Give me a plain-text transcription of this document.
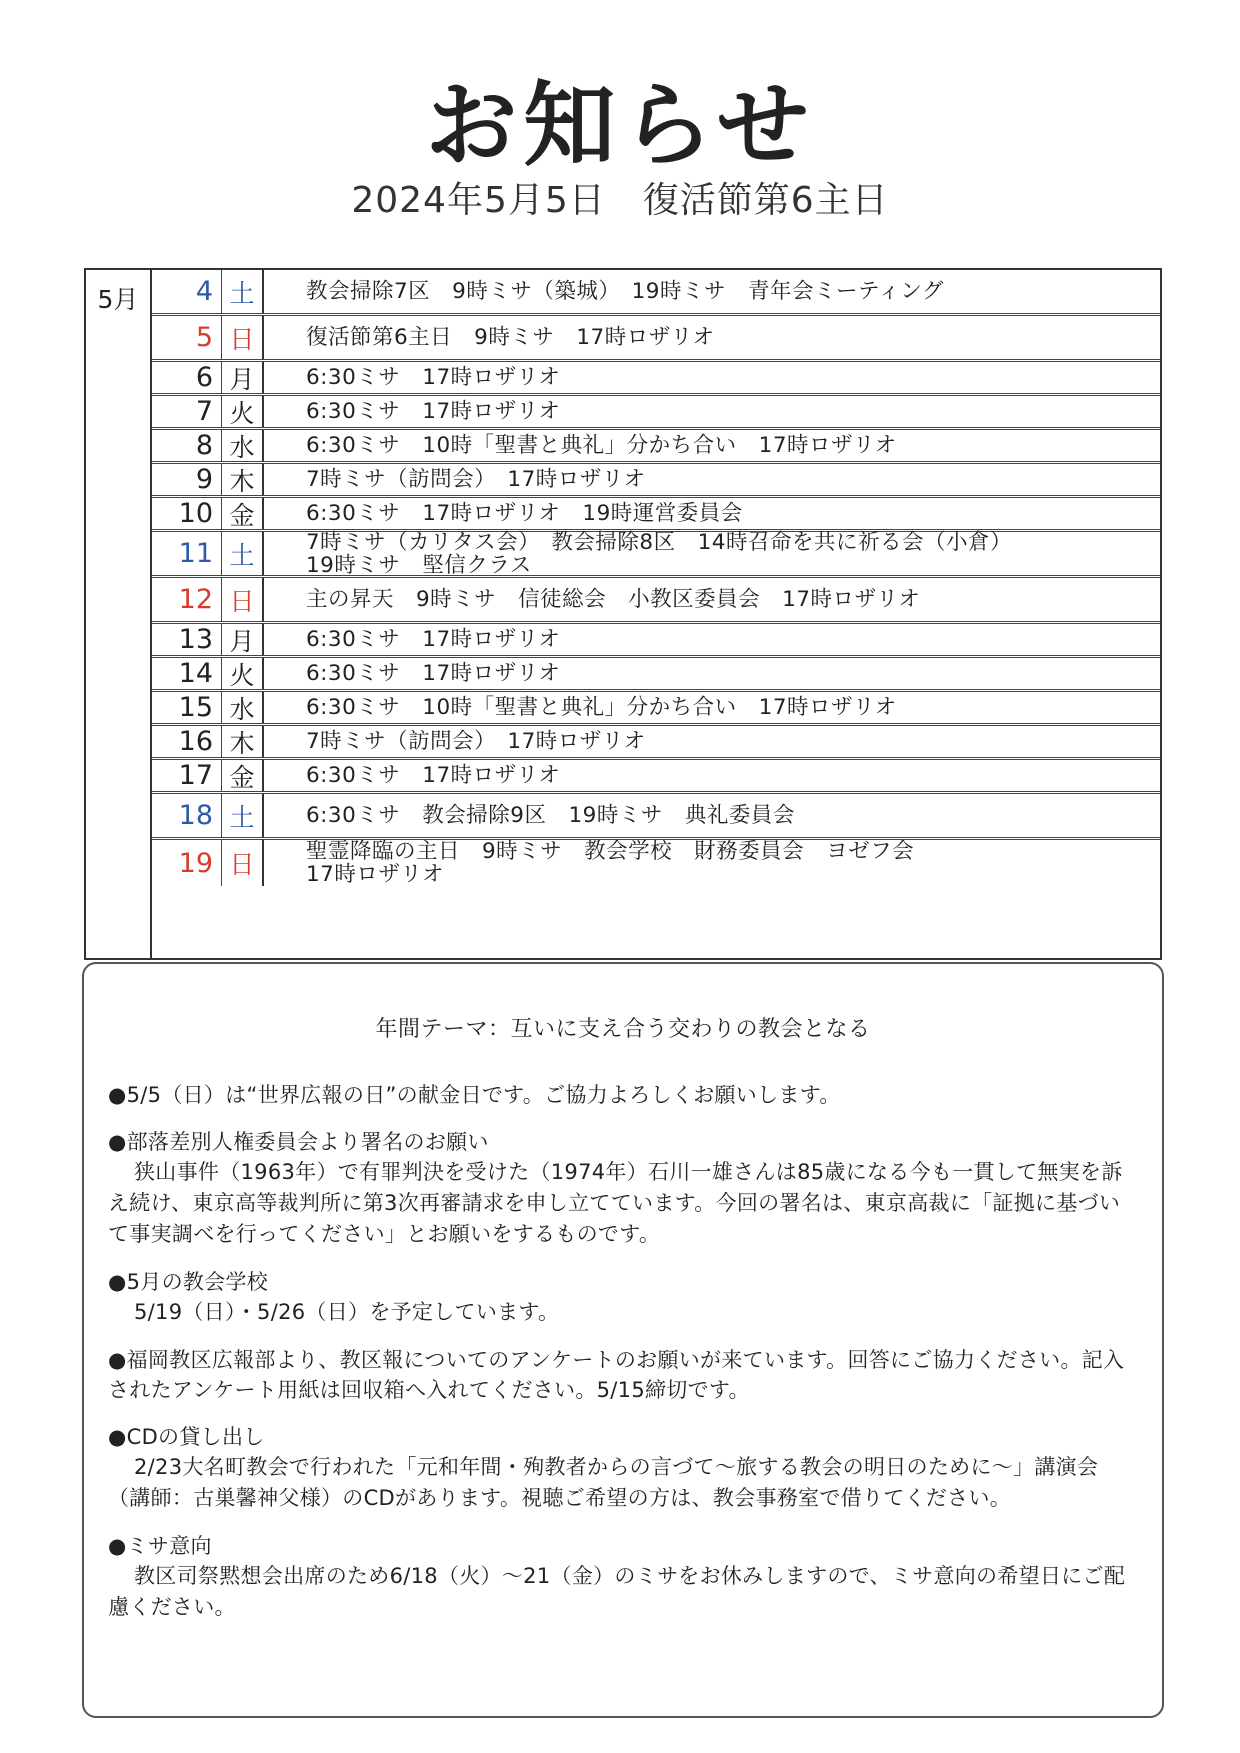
お知らせ
2024年5月5日　復活節第6主日
5月	4 土	教会掃除7区　9時ミサ（築城）　19時ミサ　青年会ミーティング
5 日	復活節第6主日　9時ミサ　17時ロザリオ
6 月	6:30ミサ　17時ロザリオ
7 火	6:30ミサ　17時ロザリオ
8 水	6:30ミサ　10時「聖書と典礼」分かち合い　17時ロザリオ
9 木	7時ミサ（訪問会）　17時ロザリオ
10 金	6:30ミサ　17時ロザリオ　19時運営委員会
11 土	7時ミサ（カリタス会）　教会掃除8区　14時召命を共に祈る会（小倉）
19時ミサ　堅信クラス
12 日	主の昇天　9時ミサ　信徒総会　小教区委員会　17時ロザリオ
13 月	6:30ミサ　17時ロザリオ
14 火	6:30ミサ　17時ロザリオ
15 水	6:30ミサ　10時「聖書と典礼」分かち合い　17時ロザリオ
16 木	7時ミサ（訪問会）　17時ロザリオ
17 金	6:30ミサ　17時ロザリオ
18 土	6:30ミサ　教会掃除9区　19時ミサ　典礼委員会
19 日	聖霊降臨の主日　9時ミサ　教会学校　財務委員会　ヨゼフ会
17時ロザリオ
年間テーマ：互いに支え合う交わりの教会となる
●5/5（日）は“世界広報の日”の献金日です。ご協力よろしくお願いします。
●部落差別人権委員会より署名のお願い
狭山事件（1963年）で有罪判決を受けた（1974年）石川一雄さんは85歳になる今も一貫して無実を訴え続け、東京高等裁判所に第3次再審請求を申し立てています。今回の署名は、東京高裁に「証拠に基づいて事実調べを行ってください」とお願いをするものです。
●5月の教会学校
5/19（日）・5/26（日）を予定しています。
●福岡教区広報部より、教区報についてのアンケートのお願いが来ています。回答にご協力ください。記入されたアンケート用紙は回収箱へ入れてください。5/15締切です。
●CDの貸し出し
2/23大名町教会で行われた「元和年間・殉教者からの言づて～旅する教会の明日のために～」講演会（講師：古巣馨神父様）のCDがあります。視聴ご希望の方は、教会事務室で借りてください。
●ミサ意向
教区司祭黙想会出席のため6/18（火）～21（金）のミサをお休みしますので、ミサ意向の希望日にご配慮ください。
